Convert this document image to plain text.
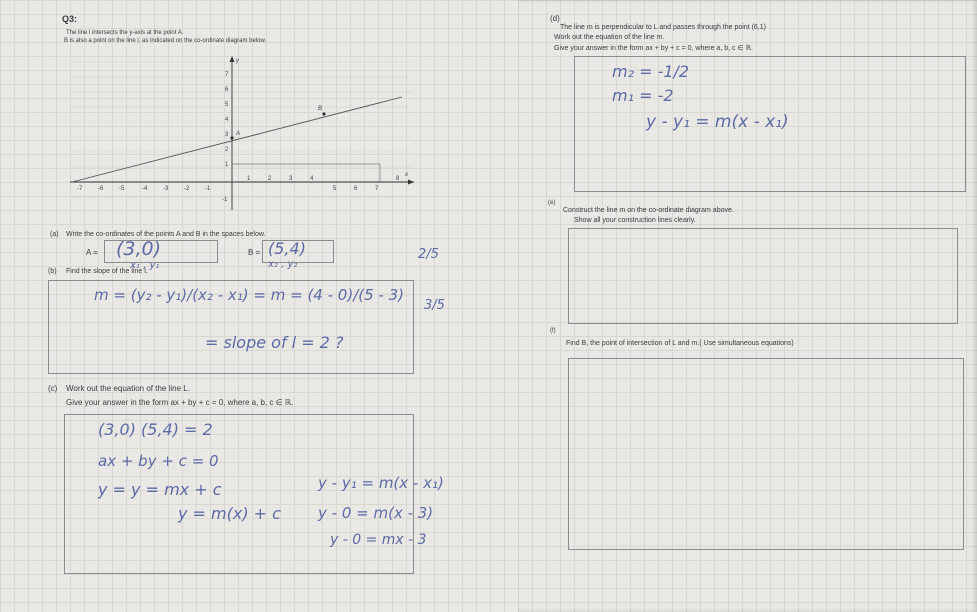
Q3:
The line l intersects the y-axis at the point A.
B is also a point on the line l, as indicated on the co-ordinate diagram below.
-7	-6	-5	-4	-3	-2	-1
1	2	3	4
5	6	7
8
x
y
7
6
5
4
3
2
1
-1
A
B
(a) Write the co-ordinates of the points A and B in the spaces below.
A = (3,0)
x₁ , y₁
B = (5,4)
x₂ , y₂
2/5
(b) Find the slope of the line l.
m = (y₂ - y₁)/(x₂ - x₁) = m = (4 - 0)/(5 - 3)
= slope of l = 2 ?
3/5
(c) Work out the equation of the line L.
Give your answer in the form ax + by + c = 0, where a, b, c ∈ ℝ.
(3,0) (5,4) = 2
ax + by + c = 0
y = y = mx + c
y = m(x) + c
y - y₁ = m(x - x₁)
y - 0 = m(x - 3)
y - 0 = mx - 3
(d)
The line m is perpendicular to L and passes through the point (6,1)
Work out the equation of the line m.
Give your answer in the form ax + by + c = 0, where a, b, c ∈ ℝ.
m₂ = -1/2
m₁ = -2
y - y₁ = m(x - x₁)
(e)
Construct the line m on the co-ordinate diagram above.
Show all your construction lines clearly.
(f)
Find B, the point of intersection of L and m.( Use simultaneous equations)
